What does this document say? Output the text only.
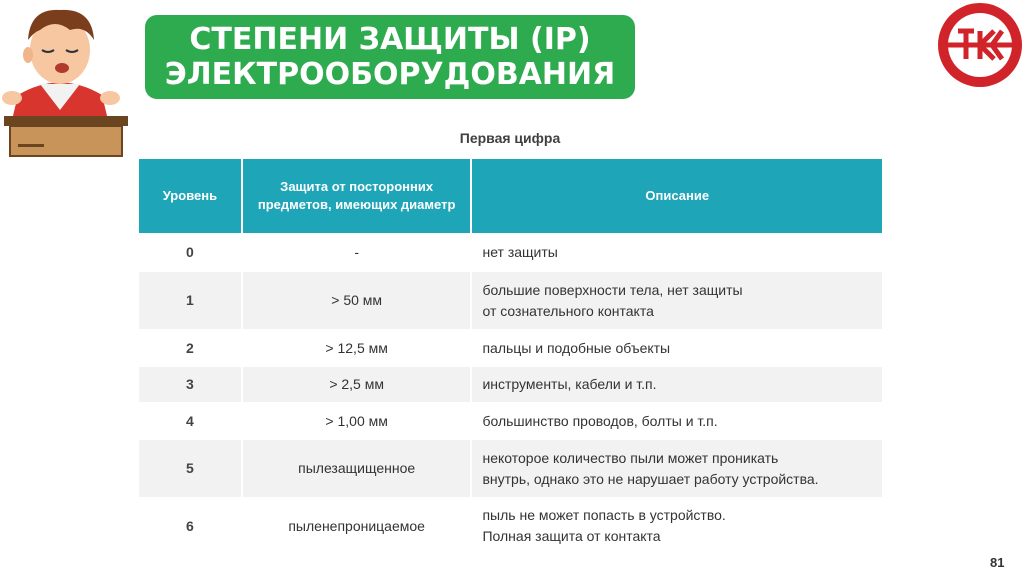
СТЕПЕНИ ЗАЩИТЫ (IP)
ЭЛЕКТРООБОРУДОВАНИЯ
Первая цифра
Уровень	Защита от посторонних предметов, имеющих диаметр	Описание
0	-	нет защиты
1	> 50 мм	большие поверхности тела, нет защиты
от сознательного контакта
2	> 12,5 мм	пальцы и подобные объекты
3	> 2,5 мм	инструменты, кабели и т.п.
4	> 1,00 мм	большинство проводов, болты и т.п.
5	пылезащищенное	некоторое количество пыли может проникать
внутрь, однако это не нарушает работу устройства.
6	пыленепроницаемое	пыль не может попасть в устройство.
Полная защита от контакта
81
